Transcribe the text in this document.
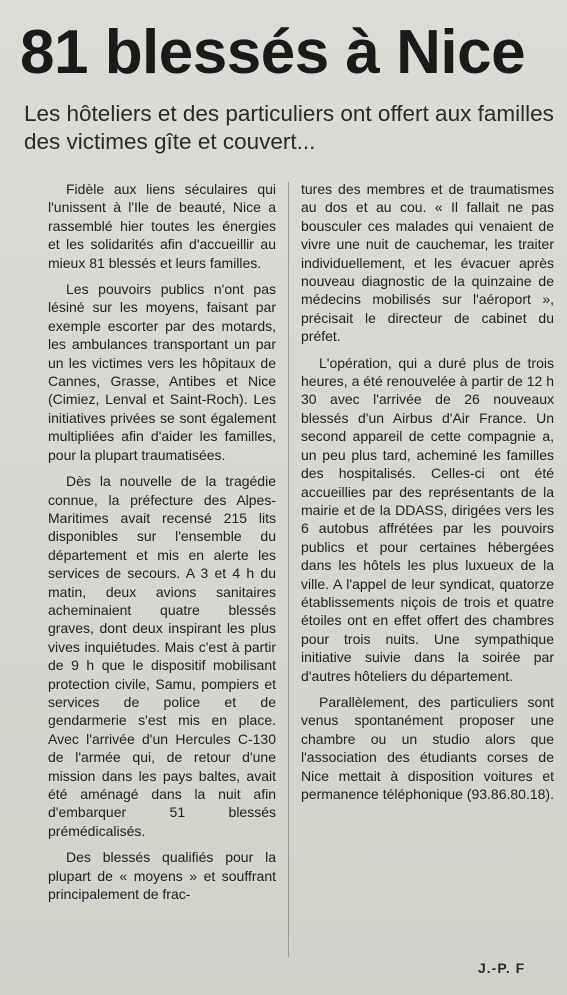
81 blessés à Nice
Les hôteliers et des particuliers ont offert aux familles des victimes gîte et couvert...

Fidèle aux liens séculaires qui l'unissent à l'Ile de beauté, Nice a rassemblé hier toutes les énergies et les solidarités afin d'accueillir au mieux 81 blessés et leurs familles.

Les pouvoirs publics n'ont pas lésiné sur les moyens, faisant par exemple escorter par des motards, les ambulances transportant un par un les victimes vers les hôpitaux de Cannes, Grasse, Antibes et Nice (Cimiez, Lenval et Saint-Roch). Les initiatives privées se sont également multipliées afin d'aider les familles, pour la plupart traumatisées.

Dès la nouvelle de la tragédie connue, la préfecture des Alpes-Maritimes avait recensé 215 lits disponibles sur l'ensemble du département et mis en alerte les services de secours. A 3 et 4 h du matin, deux avions sanitaires acheminaient quatre blessés graves, dont deux inspirant les plus vives inquiétudes. Mais c'est à partir de 9 h que le dispositif mobilisant protection civile, Samu, pompiers et services de police et de gendarmerie s'est mis en place. Avec l'arrivée d'un Hercules C-130 de l'armée qui, de retour d'une mission dans les pays baltes, avait été aménagé dans la nuit afin d'embarquer 51 blessés prémédicalisés.

Des blessés qualifiés pour la plupart de « moyens » et souffrant principalement de frac-

tures des membres et de traumatismes au dos et au cou. « Il fallait ne pas bousculer ces malades qui venaient de vivre une nuit de cauchemar, les traiter individuellement, et les évacuer après nouveau diagnostic de la quinzaine de médecins mobilisés sur l'aéroport », précisait le directeur de cabinet du préfet.

L'opération, qui a duré plus de trois heures, a été renouvelée à partir de 12 h 30 avec l'arrivée de 26 nouveaux blessés d'un Airbus d'Air France. Un second appareil de cette compagnie a, un peu plus tard, acheminé les familles des hospitalisés. Celles-ci ont été accueillies par des représentants de la mairie et de la DDASS, dirigées vers les 6 autobus affrétées par les pouvoirs publics et pour certaines hébergées dans les hôtels les plus luxueux de la ville. A l'appel de leur syndicat, quatorze établissements niçois de trois et quatre étoiles ont en effet offert des chambres pour trois nuits. Une sympathique initiative suivie dans la soirée par d'autres hôteliers du département.

Parallèlement, des particuliers sont venus spontanément proposer une chambre ou un studio alors que l'association des étudiants corses de Nice mettait à disposition voitures et permanence téléphonique (93.86.80.18).

J.-P. F
